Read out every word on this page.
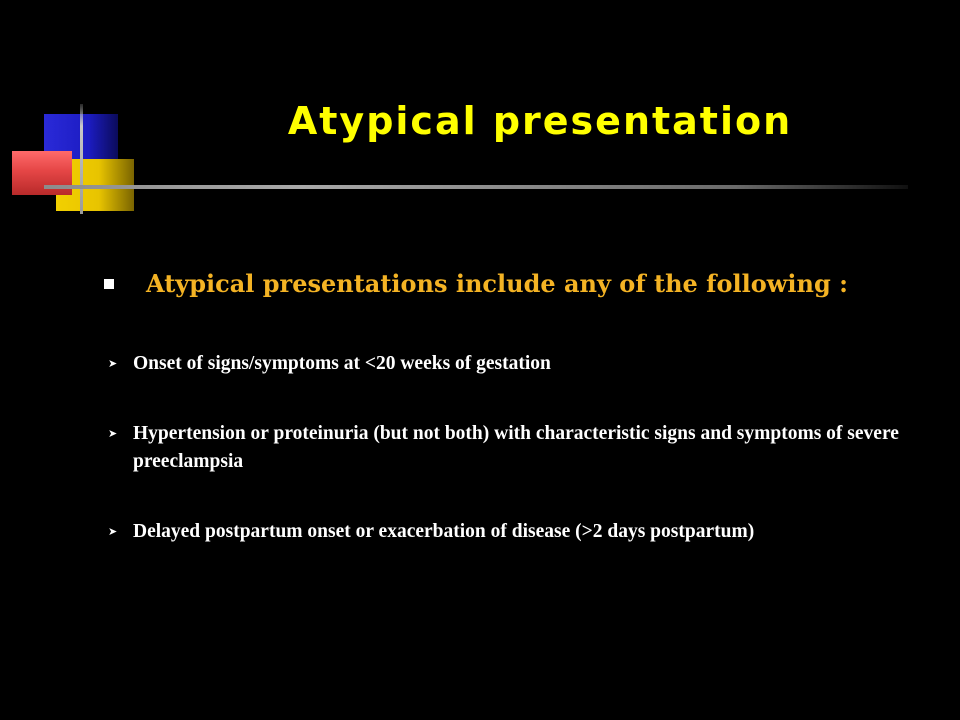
Atypical presentation
Atypical presentations include any of the following :
➤ Onset of signs/symptoms at <20 weeks of gestation
➤ Hypertension or proteinuria (but not both) with characteristic signs and symptoms of severe preeclampsia
➤ Delayed postpartum onset or exacerbation of disease (>2 days postpartum)
